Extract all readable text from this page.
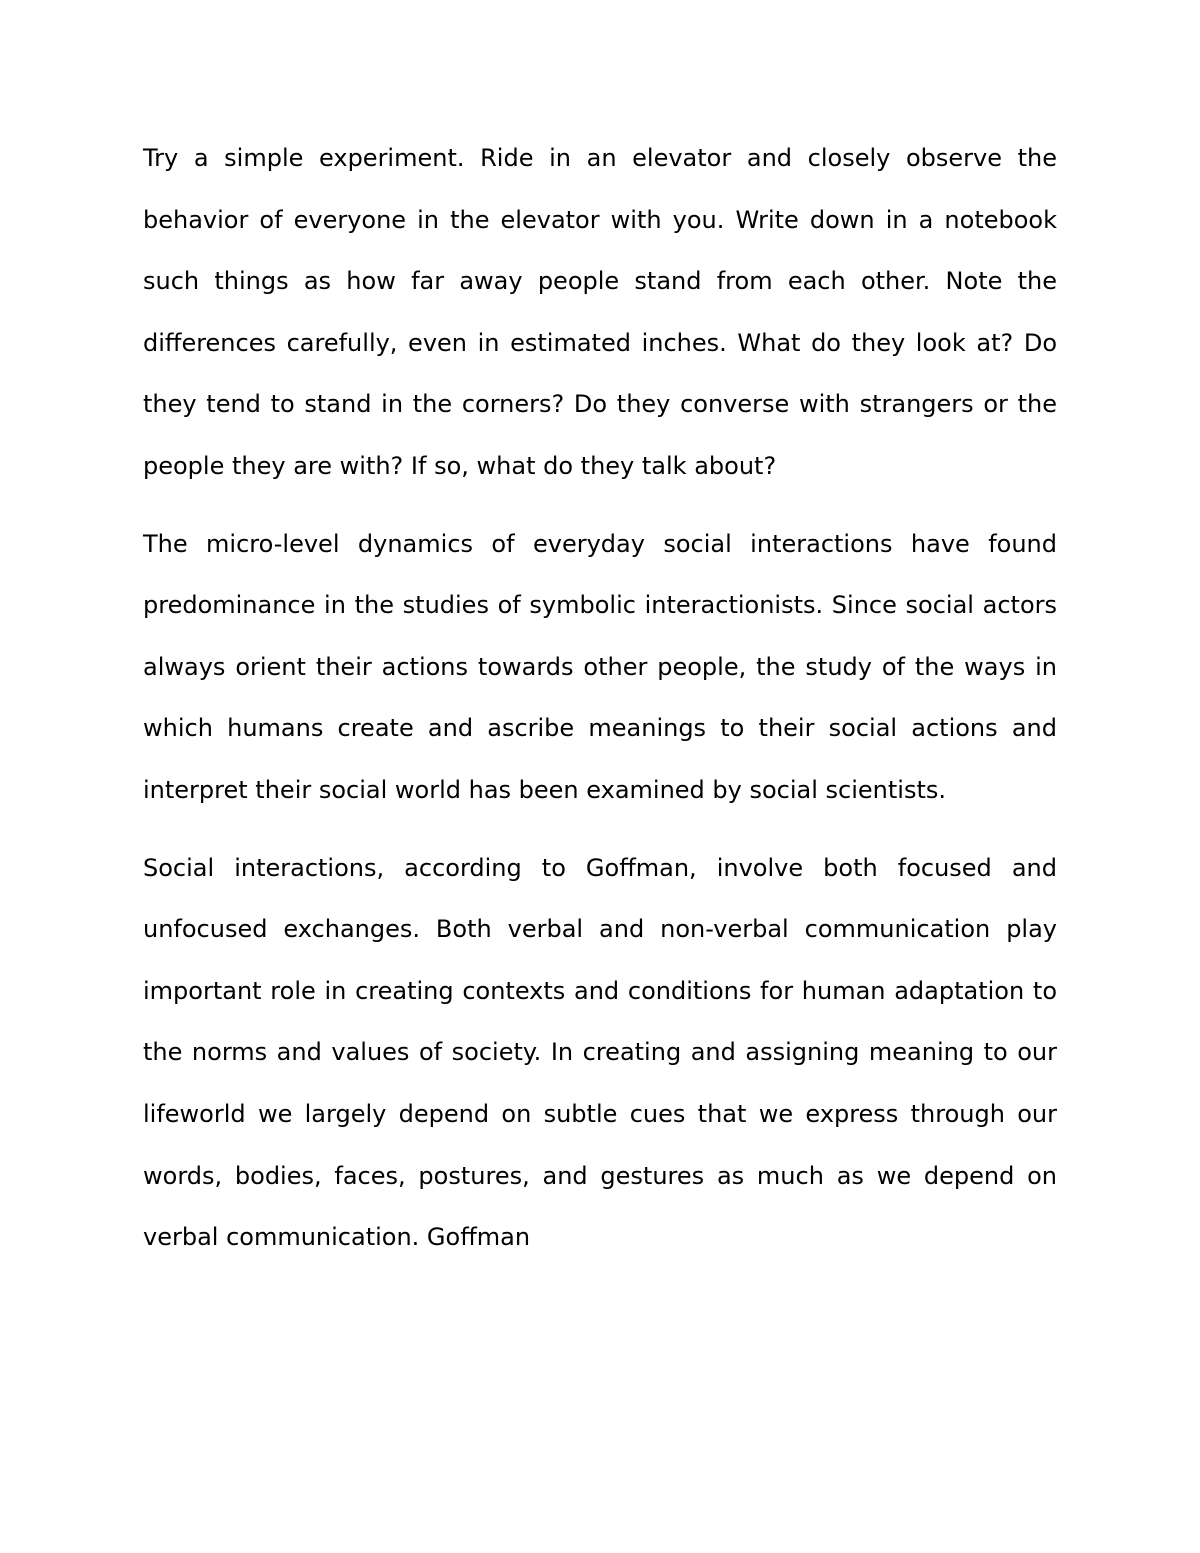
Try a simple experiment. Ride in an elevator and closely observe the behavior of everyone in the elevator with you. Write down in a notebook such things as how far away people stand from each other. Note the differences carefully, even in estimated inches. What do they look at? Do they tend to stand in the corners? Do they converse with strangers or the people they are with? If so, what do they talk about?

The micro-level dynamics of everyday social interactions have found predominance in the studies of symbolic interactionists. Since social actors always orient their actions towards other people, the study of the ways in which humans create and ascribe meanings to their social actions and interpret their social world has been examined by social scientists.

Social interactions, according to Goffman, involve both focused and unfocused exchanges. Both verbal and non-verbal communication play important role in creating contexts and conditions for human adaptation to the norms and values of society. In creating and assigning meaning to our lifeworld we largely depend on subtle cues that we express through our words, bodies, faces, postures, and gestures as much as we depend on verbal communication. Goffman
